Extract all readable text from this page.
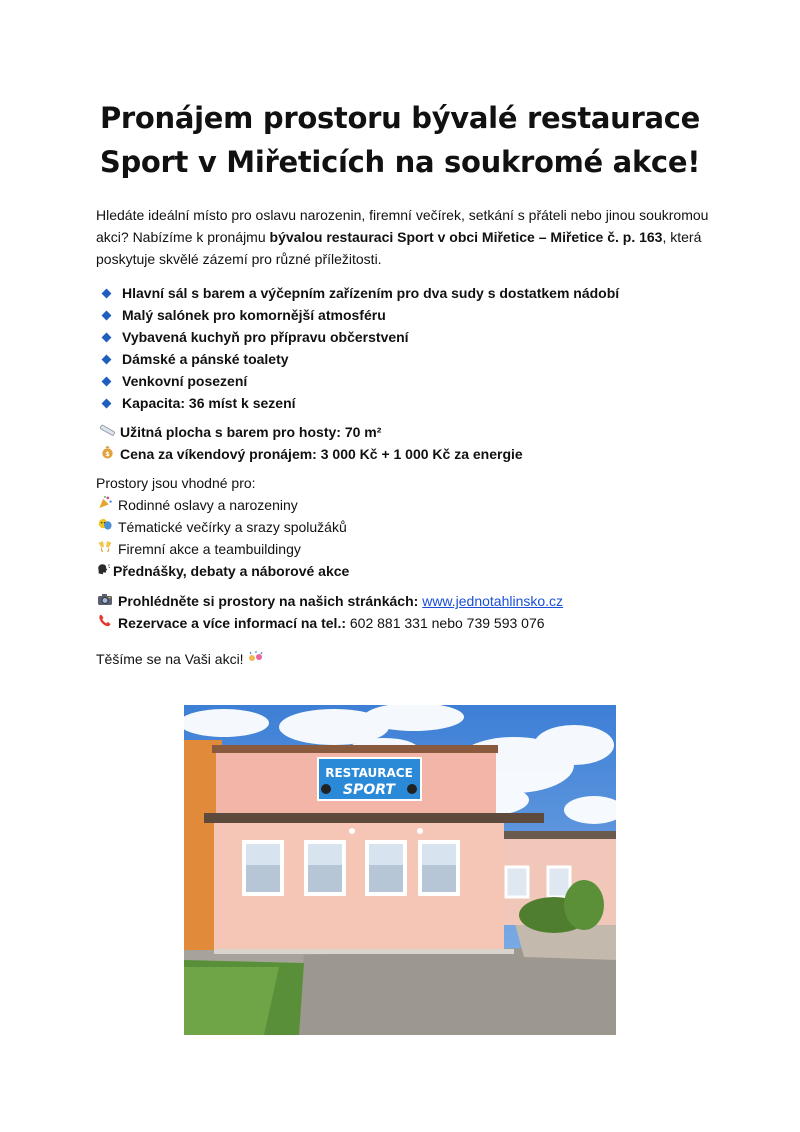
Pronájem prostoru bývalé restaurace
Sport v Miřeticích na soukromé akce!

Hledáte ideální místo pro oslavu narozenin, firemní večírek, setkání s přáteli nebo jinou soukromou akci? Nabízíme k pronájmu bývalou restauraci Sport v obci Miřetice – Miřetice č. p. 163, která poskytuje skvělé zázemí pro různé příležitosti.

Hlavní sál s barem a výčepním zařízením pro dva sudy s dostatkem nádobí
Malý salónek pro komornější atmosféru
Vybavená kuchyň pro přípravu občerstvení
Dámské a pánské toalety
Venkovní posezení
Kapacita: 36 míst k sezení
Užitná plocha s barem pro hosty: 70 m²
$ Cena za víkendový pronájem: 3 000 Kč + 1 000 Kč za energie
Prostory jsou vhodné pro:
Rodinné oslavy a narozeniny
Tématické večírky a srazy spolužáků
Firemní akce a teambuildingy
Přednášky, debaty a náborové akce
Prohlédněte si prostory na našich stránkách: www.jednotahlinsko.cz
Rezervace a více informací na tel.: 602 881 331 nebo 739 593 076
Těšíme se na Vaši akci!
RESTAURACE
SPORT
